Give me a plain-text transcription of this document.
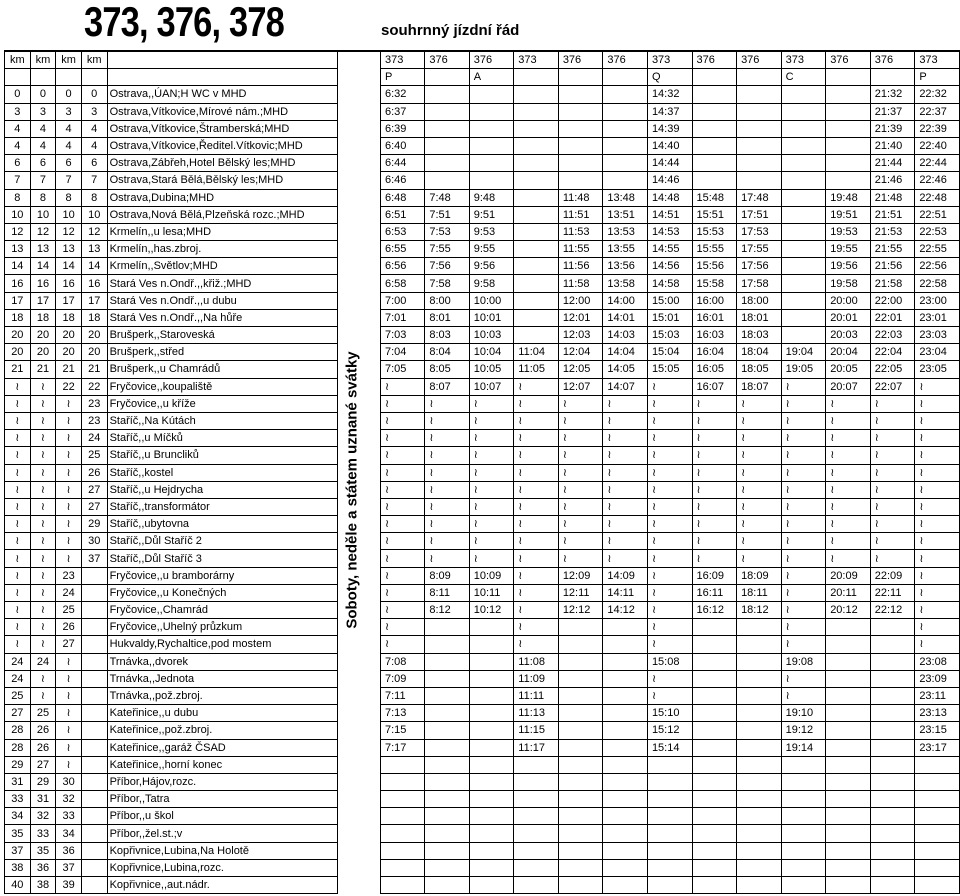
373, 376, 378	souhrnný jízdní řád
km	km	km	km			373	376	376	373	376	376	373	376	376	373	376	376	373
						P		A				Q			C			P
0	0	0	0	Ostrava,,ÚAN;H WC v MHD		6:32						14:32					21:32	22:32
3	3	3	3	Ostrava,Vítkovice,Mírové nám.;MHD		6:37						14:37					21:37	22:37
4	4	4	4	Ostrava,Vítkovice,Štramberská;MHD		6:39						14:39					21:39	22:39
4	4	4	4	Ostrava,Vítkovice,Ředitel.Vítkovic;MHD		6:40						14:40					21:40	22:40
6	6	6	6	Ostrava,Zábřeh,Hotel Bělský les;MHD		6:44						14:44					21:44	22:44
7	7	7	7	Ostrava,Stará Bělá,Bělský les;MHD		6:46						14:46					21:46	22:46
8	8	8	8	Ostrava,Dubina;MHD		6:48	7:48	9:48		11:48	13:48	14:48	15:48	17:48		19:48	21:48	22:48
10	10	10	10	Ostrava,Nová Bělá,Plzeňská rozc.;MHD		6:51	7:51	9:51		11:51	13:51	14:51	15:51	17:51		19:51	21:51	22:51
12	12	12	12	Krmelín,,u lesa;MHD		6:53	7:53	9:53		11:53	13:53	14:53	15:53	17:53		19:53	21:53	22:53
13	13	13	13	Krmelín,,has.zbroj.		6:55	7:55	9:55		11:55	13:55	14:55	15:55	17:55		19:55	21:55	22:55
14	14	14	14	Krmelín,,Světlov;MHD		6:56	7:56	9:56		11:56	13:56	14:56	15:56	17:56		19:56	21:56	22:56
16	16	16	16	Stará Ves n.Ondř.,,křiž.;MHD		6:58	7:58	9:58		11:58	13:58	14:58	15:58	17:58		19:58	21:58	22:58
17	17	17	17	Stará Ves n.Ondř.,,u dubu		7:00	8:00	10:00		12:00	14:00	15:00	16:00	18:00		20:00	22:00	23:00
18	18	18	18	Stará Ves n.Ondř.,,Na hůře		7:01	8:01	10:01		12:01	14:01	15:01	16:01	18:01		20:01	22:01	23:01
20	20	20	20	Brušperk,,Staroveská		7:03	8:03	10:03		12:03	14:03	15:03	16:03	18:03		20:03	22:03	23:03
20	20	20	20	Brušperk,,střed		7:04	8:04	10:04	11:04	12:04	14:04	15:04	16:04	18:04	19:04	20:04	22:04	23:04
21	21	21	21	Brušperk,,u Chamrádů		7:05	8:05	10:05	11:05	12:05	14:05	15:05	16:05	18:05	19:05	20:05	22:05	23:05
≀	≀	22	22	Fryčovice,,koupaliště		≀	8:07	10:07	≀	12:07	14:07	≀	16:07	18:07	≀	20:07	22:07	≀
≀	≀	≀	23	Fryčovice,,u kříže		≀	≀	≀	≀	≀	≀	≀	≀	≀	≀	≀	≀	≀
≀	≀	≀	23	Staříč,,Na Kútách		≀	≀	≀	≀	≀	≀	≀	≀	≀	≀	≀	≀	≀
≀	≀	≀	24	Staříč,,u Míčků		≀	≀	≀	≀	≀	≀	≀	≀	≀	≀	≀	≀	≀
≀	≀	≀	25	Staříč,,u Bruncliků		≀	≀	≀	≀	≀	≀	≀	≀	≀	≀	≀	≀	≀
≀	≀	≀	26	Staříč,,kostel		≀	≀	≀	≀	≀	≀	≀	≀	≀	≀	≀	≀	≀
≀	≀	≀	27	Staříč,,u Hejdrycha		≀	≀	≀	≀	≀	≀	≀	≀	≀	≀	≀	≀	≀
≀	≀	≀	27	Staříč,,transformátor		≀	≀	≀	≀	≀	≀	≀	≀	≀	≀	≀	≀	≀
≀	≀	≀	29	Staříč,,ubytovna		≀	≀	≀	≀	≀	≀	≀	≀	≀	≀	≀	≀	≀
≀	≀	≀	30	Staříč,,Důl Staříč 2		≀	≀	≀	≀	≀	≀	≀	≀	≀	≀	≀	≀	≀
≀	≀	≀	37	Staříč,,Důl Staříč 3		≀	≀	≀	≀	≀	≀	≀	≀	≀	≀	≀	≀	≀
≀	≀	23		Fryčovice,,u bramborárny		≀	8:09	10:09	≀	12:09	14:09	≀	16:09	18:09	≀	20:09	22:09	≀
≀	≀	24		Fryčovice,,u Konečných		≀	8:11	10:11	≀	12:11	14:11	≀	16:11	18:11	≀	20:11	22:11	≀
≀	≀	25		Fryčovice,,Chamrád		≀	8:12	10:12	≀	12:12	14:12	≀	16:12	18:12	≀	20:12	22:12	≀
≀	≀	26		Fryčovice,,Uhelný průzkum		≀			≀			≀			≀			≀
≀	≀	27		Hukvaldy,Rychaltice,pod mostem		≀			≀			≀			≀			≀
24	24	≀		Trnávka,,dvorek		7:08			11:08			15:08			19:08			23:08
24	≀	≀		Trnávka,,Jednota		7:09			11:09			≀			≀			23:09
25	≀	≀		Trnávka,,pož.zbroj.		7:11			11:11			≀			≀			23:11
27	25	≀		Kateřinice,,u dubu		7:13			11:13			15:10			19:10			23:13
28	26	≀		Kateřinice,,pož.zbroj.		7:15			11:15			15:12			19:12			23:15
28	26	≀		Kateřinice,,garáž ČSAD		7:17			11:17			15:14			19:14			23:17
29	27	≀		Kateřinice,,horní konec														
31	29	30		Příbor,Hájov,rozc.														
33	31	32		Příbor,,Tatra														
34	32	33		Příbor,,u škol														
35	33	34		Příbor,,žel.st.;v														
37	35	36		Kopřivnice,Lubina,Na Holotě														
38	36	37		Kopřivnice,Lubina,rozc.														
40	38	39		Kopřivnice,,aut.nádr.														
Soboty, neděle a státem uznané svátky
